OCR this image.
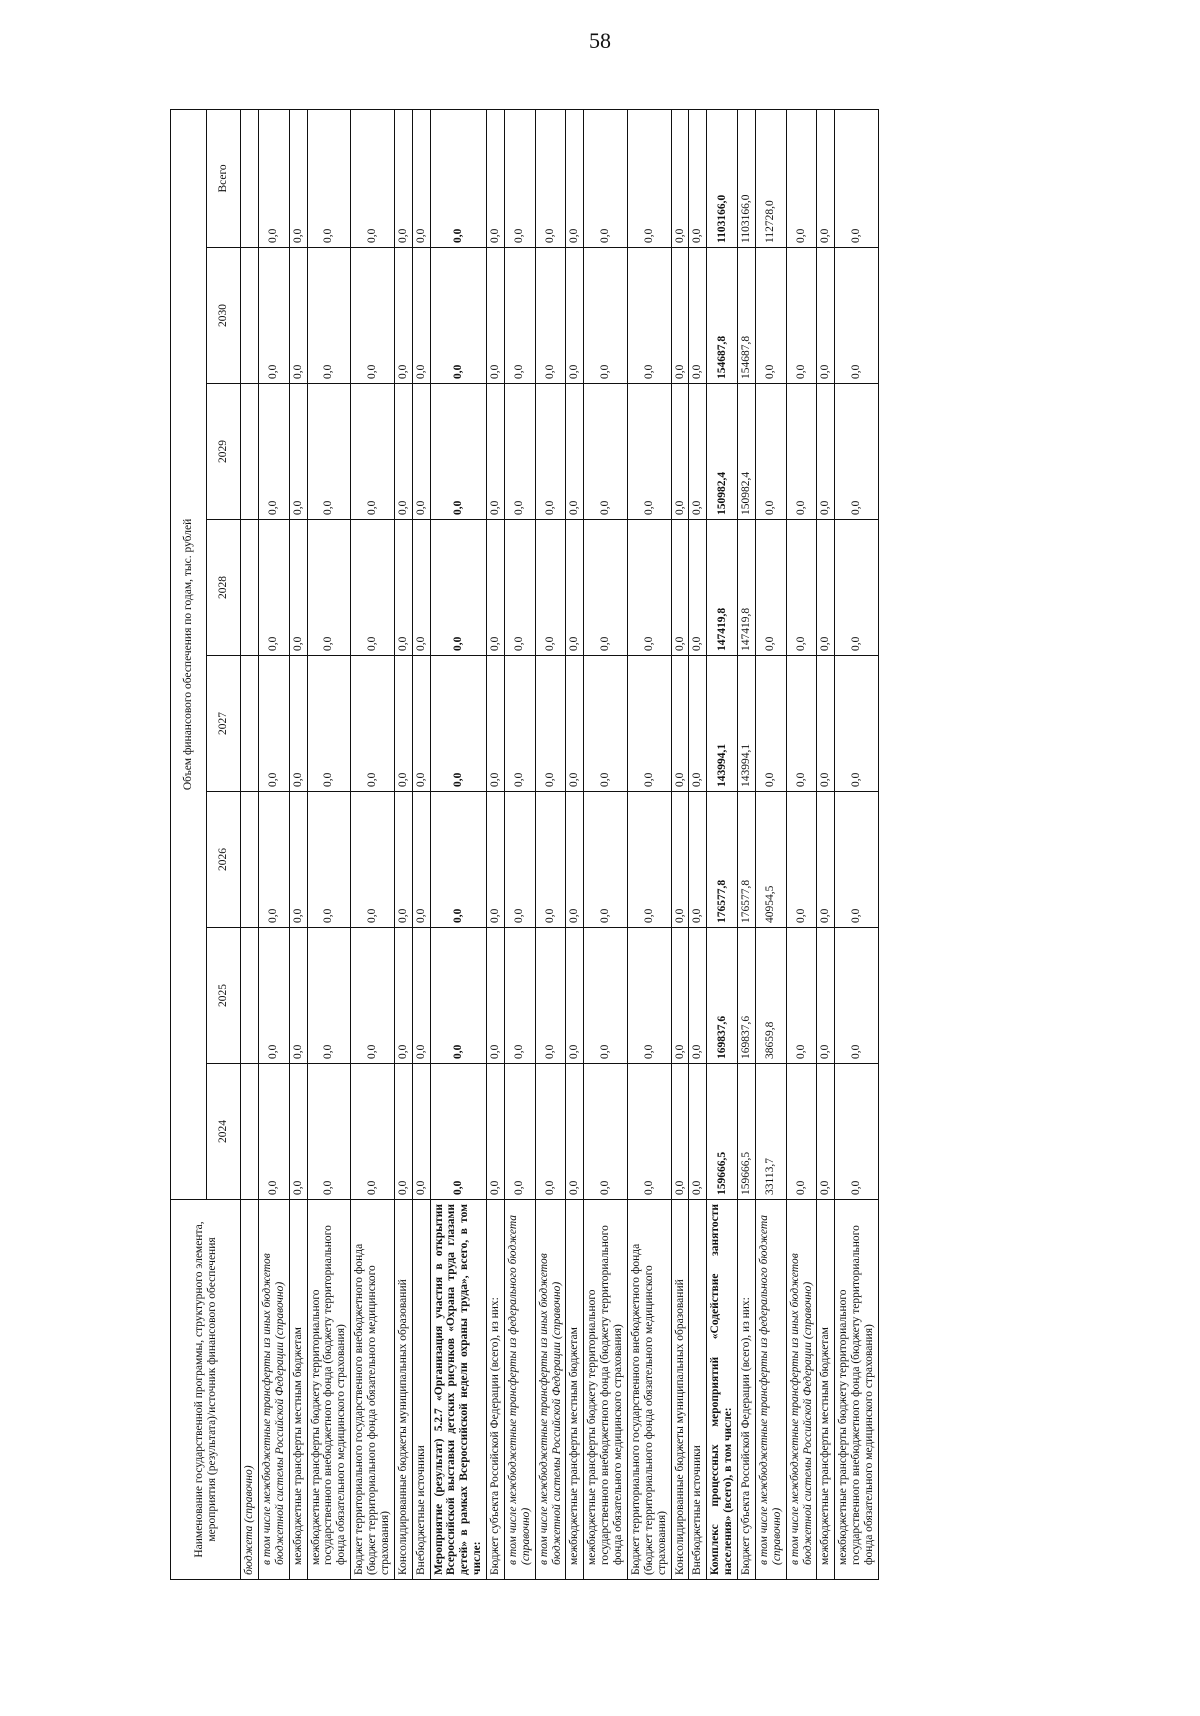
58
Наименование государственной программы, структурного элемента, мероприятия (результата)/источник финансового обеспечения	Объем финансового обеспечения по годам, тыс. рублей							
	2024	2025	2026	2027	2028	2029	2030	Всего
бюджета (справочно)								
в том числе межбюджетные трансферты из иных бюджетов бюджетной системы Российской Федерации (справочно)	0,0	0,0	0,0	0,0	0,0	0,0	0,0	0,0
межбюджетные трансферты местным бюджетам	0,0	0,0	0,0	0,0	0,0	0,0	0,0	0,0
межбюджетные трансферты бюджету территориального государственного внебюджетного фонда (бюджету территориального фонда обязательного медицинского страхования)	0,0	0,0	0,0	0,0	0,0	0,0	0,0	0,0
Бюджет территориального государственного внебюджетного фонда (бюджет территориального фонда обязательного медицинского страхования)	0,0	0,0	0,0	0,0	0,0	0,0	0,0	0,0
Консолидированные бюджеты муниципальных образований	0,0	0,0	0,0	0,0	0,0	0,0	0,0	0,0
Внебюджетные источники	0,0	0,0	0,0	0,0	0,0	0,0	0,0	0,0
Мероприятие (результат) 5.2.7 «Организация участия в открытии Всероссийской выставки детских рисунков «Охрана труда глазами детей» в рамках Всероссийской недели охраны труда», всего, в том числе:	0,0	0,0	0,0	0,0	0,0	0,0	0,0	0,0
Бюджет субъекта Российской Федерации (всего), из них:	0,0	0,0	0,0	0,0	0,0	0,0	0,0	0,0
в том числе межбюджетные трансферты из федерального бюджета (справочно)	0,0	0,0	0,0	0,0	0,0	0,0	0,0	0,0
в том числе межбюджетные трансферты из иных бюджетов бюджетной системы Российской Федерации (справочно)	0,0	0,0	0,0	0,0	0,0	0,0	0,0	0,0
межбюджетные трансферты местным бюджетам	0,0	0,0	0,0	0,0	0,0	0,0	0,0	0,0
межбюджетные трансферты бюджету территориального государственного внебюджетного фонда (бюджету территориального фонда обязательного медицинского страхования)	0,0	0,0	0,0	0,0	0,0	0,0	0,0	0,0
Бюджет территориального государственного внебюджетного фонда (бюджет территориального фонда обязательного медицинского страхования)	0,0	0,0	0,0	0,0	0,0	0,0	0,0	0,0
Консолидированные бюджеты муниципальных образований	0,0	0,0	0,0	0,0	0,0	0,0	0,0	0,0
Внебюджетные источники	0,0	0,0	0,0	0,0	0,0	0,0	0,0	0,0
Комплекс процессных мероприятий «Содействие занятости населения» (всего), в том числе:	159666,5	169837,6	176577,8	143994,1	147419,8	150982,4	154687,8	1103166,0
Бюджет субъекта Российской Федерации (всего), из них:	159666,5	169837,6	176577,8	143994,1	147419,8	150982,4	154687,8	1103166,0
в том числе межбюджетные трансферты из федерального бюджета (справочно)	33113,7	38659,8	40954,5	0,0	0,0	0,0	0,0	112728,0
в том числе межбюджетные трансферты из иных бюджетов бюджетной системы Российской Федерации (справочно)	0,0	0,0	0,0	0,0	0,0	0,0	0,0	0,0
межбюджетные трансферты местным бюджетам	0,0	0,0	0,0	0,0	0,0	0,0	0,0	0,0
межбюджетные трансферты бюджету территориального государственного внебюджетного фонда (бюджету территориального фонда обязательного медицинского страхования)	0,0	0,0	0,0	0,0	0,0	0,0	0,0	0,0
